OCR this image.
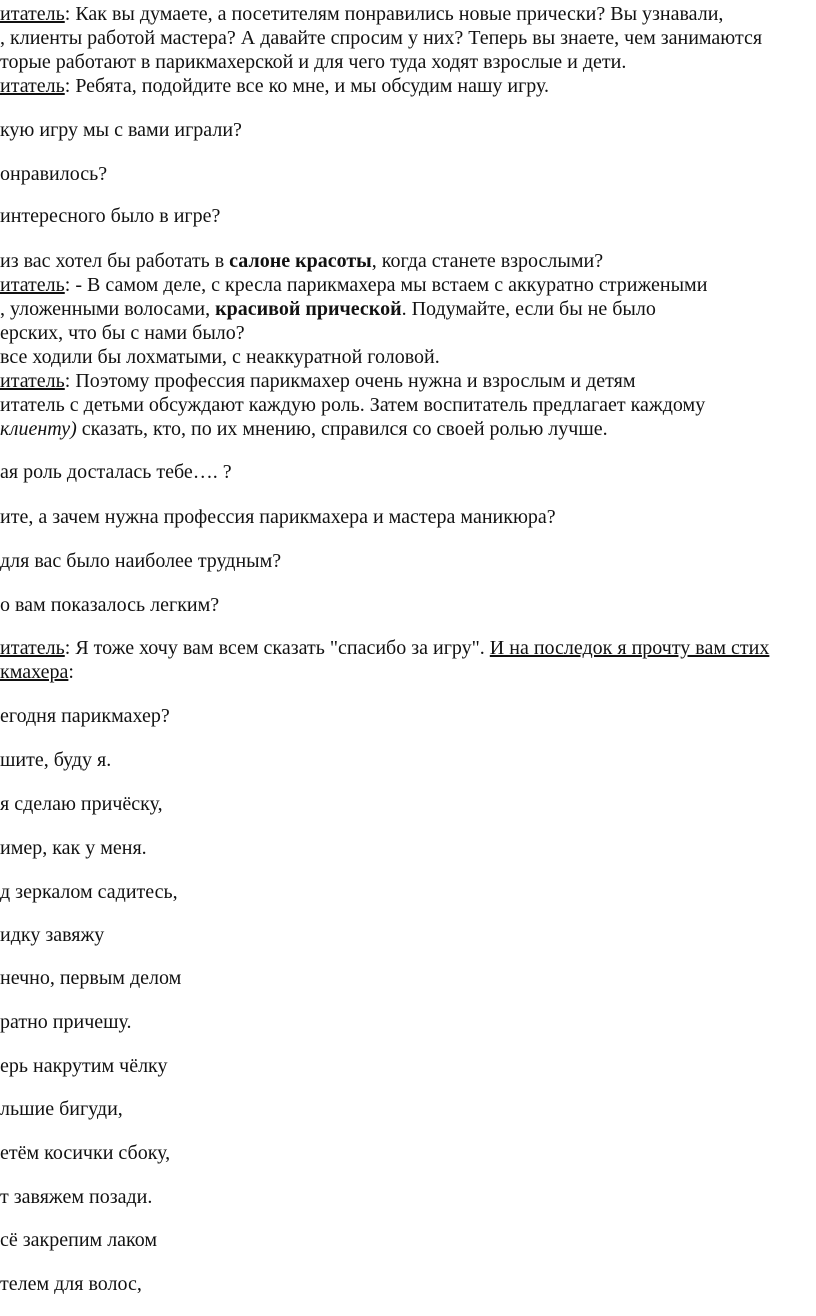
итатель: Как вы думаете, а посетителям понравились новые прически? Вы узнавали,
, клиенты работой мастера? А давайте спросим у них? Теперь вы знаете, чем занимаются
торые работают в парикмахерской и для чего туда ходят взрослые и дети.
итатель: Ребята, подойдите все ко мне, и мы обсудим нашу игру.
кую игру мы с вами играли?
онравилось?
интересного было в игре?
из вас хотел бы работать в салоне красоты, когда станете взрослыми?
итатель: - В самом деле, с кресла парикмахера мы встаем с аккуратно стрижеными
, уложенными волосами, красивой прической. Подумайте, если бы не было
ерских, что бы с нами было?
все ходили бы лохматыми, с неаккуратной головой.
итатель: Поэтому профессия парикмахер очень нужна и взрослым и детям
итатель с детьми обсуждают каждую роль. Затем воспитатель предлагает каждому
клиенту) сказать, кто, по их мнению, справился со своей ролью лучше.
ая роль досталась тебе…. ?
ите, а зачем нужна профессия парикмахера и мастера маникюра?
для вас было наиболее трудным?
о вам показалось легким?
итатель: Я тоже хочу вам всем сказать "спасибо за игру". И на последок я прочту вам стих
кмахера:
егодня парикмахер?
шите, буду я.
я сделаю причёску,
имер, как у меня.
д зеркалом садитесь,
идку завяжу
нечно, первым делом
ратно причешу.
ерь накрутим чёлку
льшие бигуди,
етём косички сбоку,
т завяжем позади.
сё закрепим лаком
телем для волос,
